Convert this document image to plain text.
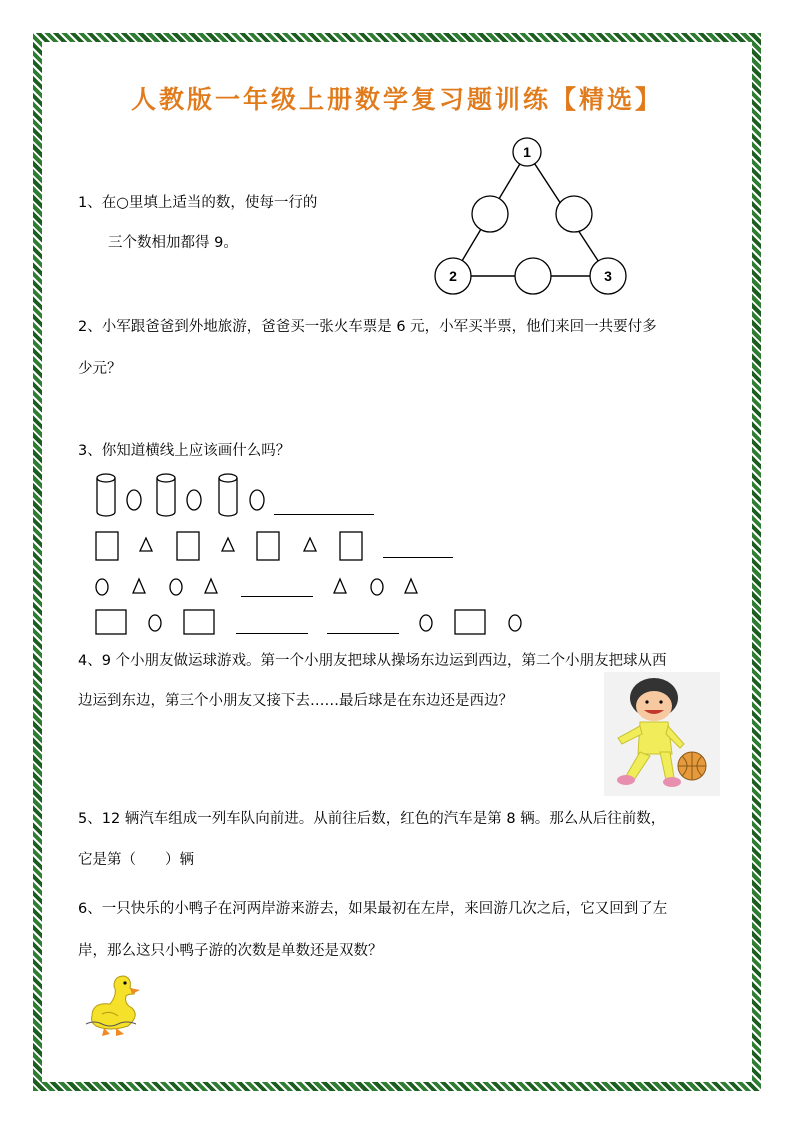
人教版一年级上册数学复习题训练【精选】
1、在○里填上适当的数，使每一行的
三个数相加都得 9。
1
2	3
2、小军跟爸爸到外地旅游，爸爸买一张火车票是 6 元，小军买半票，他们来回一共要付多
少元？
3、你知道横线上应该画什么吗？
4、9 个小朋友做运球游戏。第一个小朋友把球从操场东边运到西边，第二个小朋友把球从西
边运到东边，第三个小朋友又接下去……最后球是在东边还是西边？
5、12 辆汽车组成一列车队向前进。从前往后数，红色的汽车是第 8 辆。那么从后往前数，
它是第（　　）辆
6、一只快乐的小鸭子在河两岸游来游去，如果最初在左岸，来回游几次之后，它又回到了左
岸，那么这只小鸭子游的次数是单数还是双数？
